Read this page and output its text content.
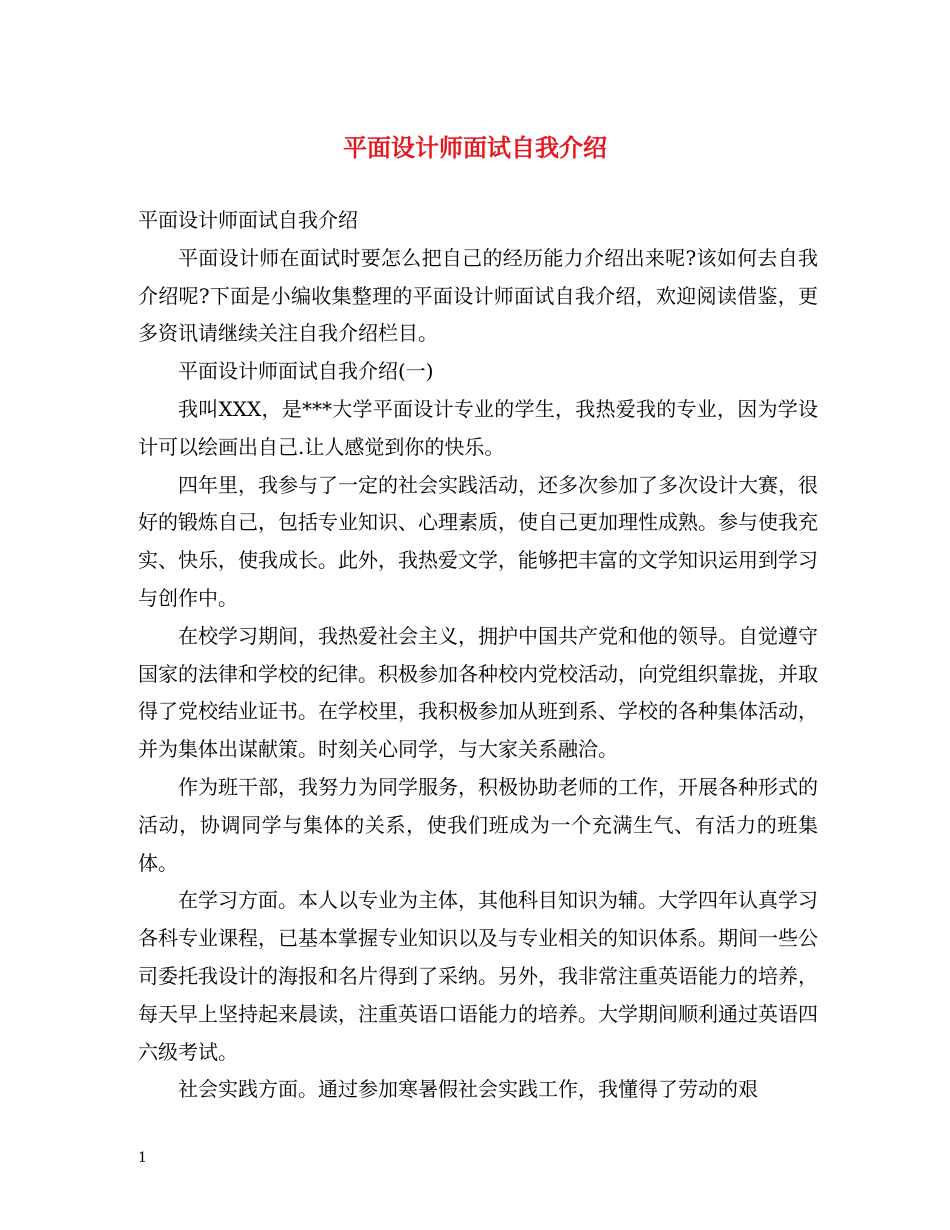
平面设计师面试自我介绍

平面设计师面试自我介绍

平面设计师在面试时要怎么把自己的经历能力介绍出来呢?该如何去自我介绍呢?下面是小编收集整理的平面设计师面试自我介绍，欢迎阅读借鉴，更多资讯请继续关注自我介绍栏目。

平面设计师面试自我介绍(一)

我叫XXX，是***大学平面设计专业的学生，我热爱我的专业，因为学设计可以绘画出自己.让人感觉到你的快乐。

四年里，我参与了一定的社会实践活动，还多次参加了多次设计大赛，很好的锻炼自己，包括专业知识、心理素质，使自己更加理性成熟。参与使我充实、快乐，使我成长。此外，我热爱文学，能够把丰富的文学知识运用到学习与创作中。

在校学习期间，我热爱社会主义，拥护中国共产党和他的领导。自觉遵守国家的法律和学校的纪律。积极参加各种校内党校活动，向党组织靠拢，并取得了党校结业证书。在学校里，我积极参加从班到系、学校的各种集体活动，并为集体出谋献策。时刻关心同学，与大家关系融洽。

作为班干部，我努力为同学服务，积极协助老师的工作，开展各种形式的活动，协调同学与集体的关系，使我们班成为一个充满生气、有活力的班集体。

在学习方面。本人以专业为主体，其他科目知识为辅。大学四年认真学习各科专业课程，已基本掌握专业知识以及与专业相关的知识体系。期间一些公司委托我设计的海报和名片得到了采纳。另外，我非常注重英语能力的培养，每天早上坚持起来晨读，注重英语口语能力的培养。大学期间顺利通过英语四六级考试。

社会实践方面。通过参加寒暑假社会实践工作，我懂得了劳动的艰

1
